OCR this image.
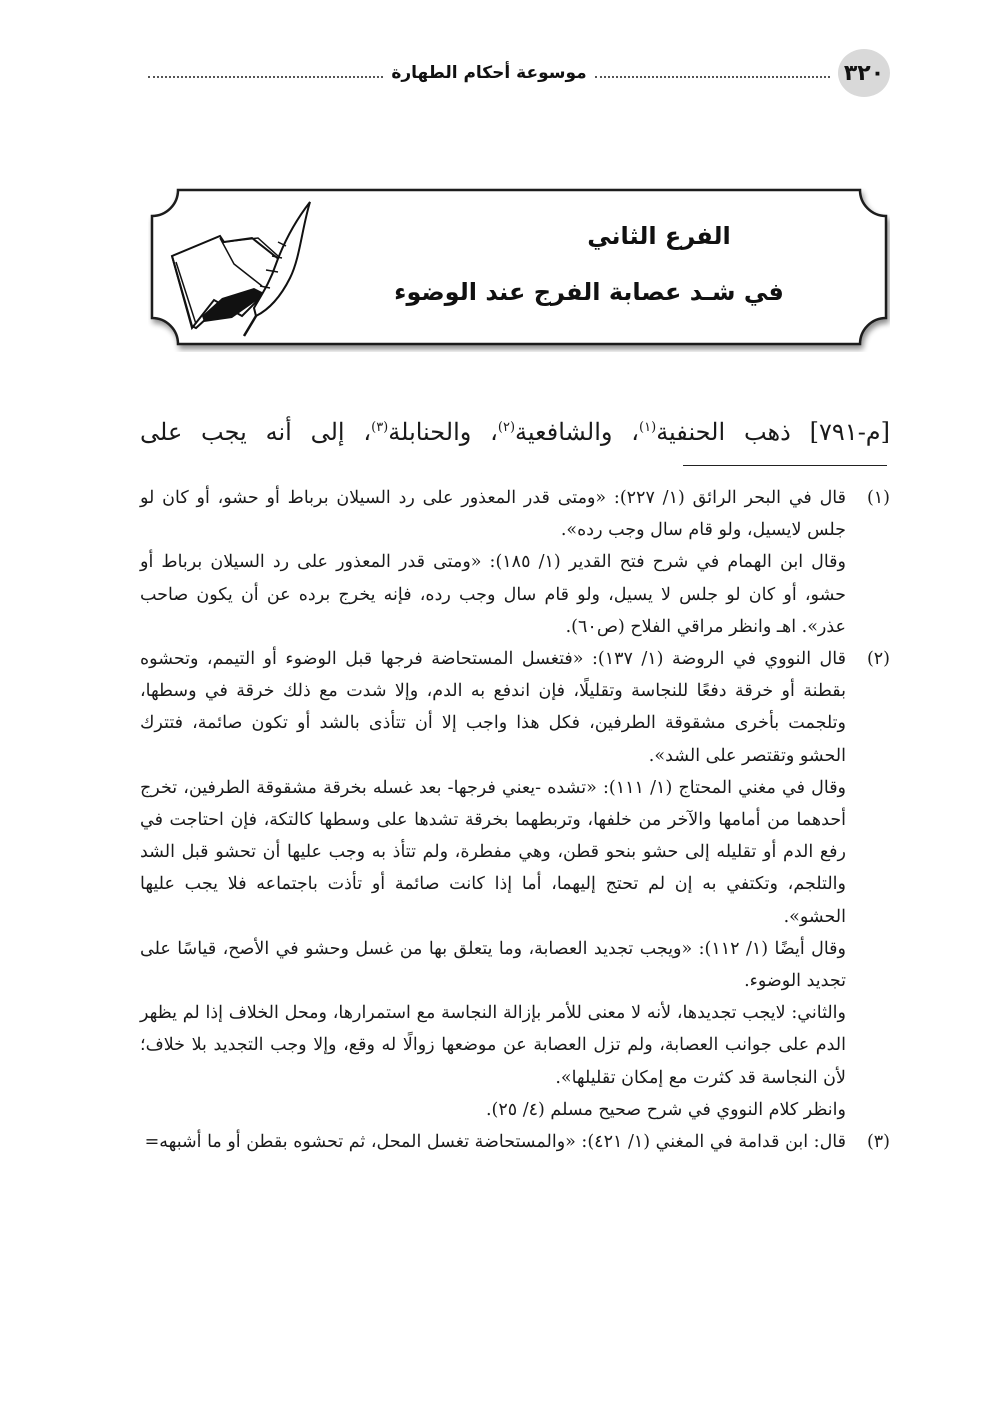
٣٢٠
موسوعة أحكام الطهارة
الفرع الثاني
في شـد عصابة الفرج عند الوضوء
[م-٧٩١] ذهب الحنفية$^{(١)}$، والشافعية$^{(٢)}$، والحنابلة$^{(٣)}$، إلى أنه يجب على
(١)

قال في البحر الرائق (١/ ٢٢٧): «ومتى قدر المعذور على رد السيلان برباط أو حشو، أو كان لو جلس لايسيل، ولو قام سال وجب رده».

وقال ابن الهمام في شرح فتح القدير (١/ ١٨٥): «ومتى قدر المعذور على رد السيلان برباط أو حشو، أو كان لو جلس لا يسيل، ولو قام سال وجب رده، فإنه يخرج برده عن أن يكون صاحب عذر». اهـ وانظر مراقي الفلاح (ص٦٠).

(٢)

قال النووي في الروضة (١/ ١٣٧): «فتغسل المستحاضة فرجها قبل الوضوء أو التيمم، وتحشوه بقطنة أو خرقة دفعًا للنجاسة وتقليلًا، فإن اندفع به الدم، وإلا شدت مع ذلك خرقة في وسطها، وتلجمت بأخرى مشقوقة الطرفين، فكل هذا واجب إلا أن تتأذى بالشد أو تكون صائمة، فتترك الحشو وتقتصر على الشد».

وقال في مغني المحتاج (١/ ١١١): «تشده -يعني فرجها- بعد غسله بخرقة مشقوقة الطرفين، تخرج أحدهما من أمامها والآخر من خلفها، وتربطهما بخرقة تشدها على وسطها كالتكة، فإن احتاجت في رفع الدم أو تقليله إلى حشو بنحو قطن، وهي مفطرة، ولم تتأذ به وجب عليها أن تحشو قبل الشد والتلجم، وتكتفي به إن لم تحتج إليهما، أما إذا كانت صائمة أو تأذت باجتماعه فلا يجب عليها الحشو».

وقال أيضًا (١/ ١١٢): «ويجب تجديد العصابة، وما يتعلق بها من غسل وحشو في الأصح، قياسًا على تجديد الوضوء.

والثاني: لايجب تجديدها، لأنه لا معنى للأمر بإزالة النجاسة مع استمرارها، ومحل الخلاف إذا لم يظهر الدم على جوانب العصابة، ولم تزل العصابة عن موضعها زوالًا له وقع، وإلا وجب التجديد بلا خلاف؛ لأن النجاسة قد كثرت مع إمكان تقليلها».

وانظر كلام النووي في شرح صحيح مسلم (٤/ ٢٥).

(٣)

قال: ابن قدامة في المغني (١/ ٤٢١): «والمستحاضة تغسل المحل، ثم تحشوه بقطن أو ما أشبهه=
